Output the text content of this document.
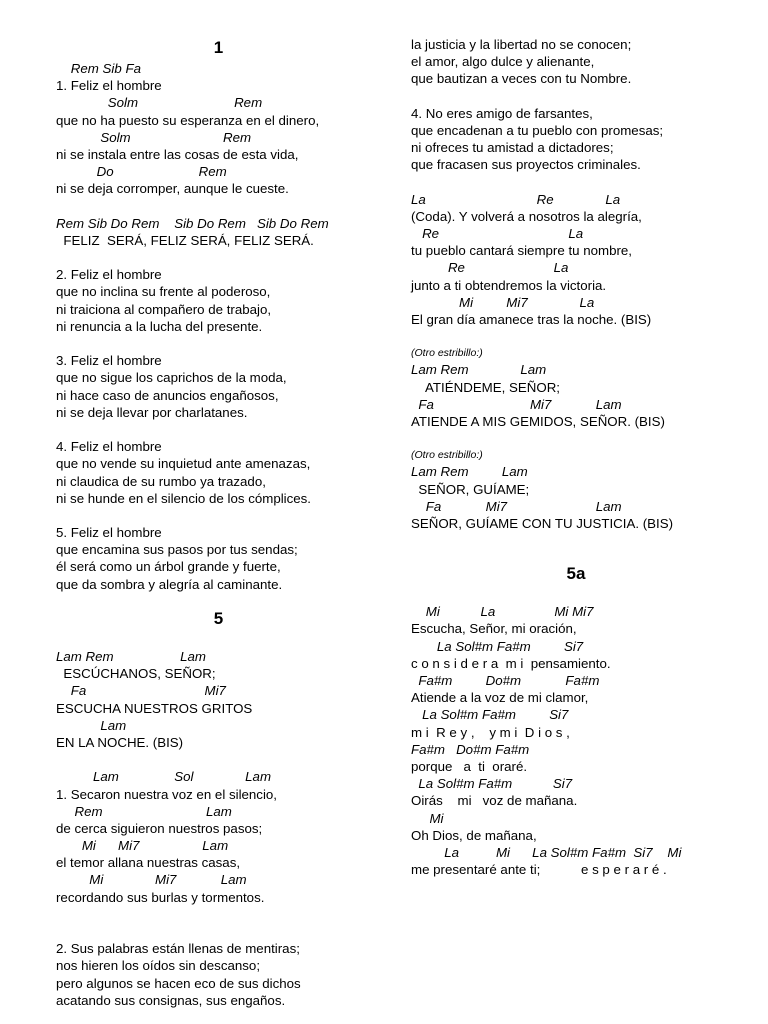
1
Rem Sib Fa
1. Feliz el hombre
Solm                          Rem
que no ha puesto su esperanza en el dinero,
Solm                         Rem
ni se instala entre las cosas de esta vida,
Do                       Rem
ni se deja corromper, aunque le cueste.
Rem Sib Do Rem    Sib Do Rem   Sib Do Rem
FELIZ  SERÁ, FELIZ SERÁ, FELIZ SERÁ.
2. Feliz el hombre
que no inclina su frente al poderoso,
ni traiciona al compañero de trabajo,
ni renuncia a la lucha del presente.
3. Feliz el hombre
que no sigue los caprichos de la moda,
ni hace caso de anuncios engañosos,
ni se deja llevar por charlatanes.
4. Feliz el hombre
que no vende su inquietud ante amenazas,
ni claudica de su rumbo ya trazado,
ni se hunde en el silencio de los cómplices.
5. Feliz el hombre
que encamina sus pasos por tus sendas;
él será como un árbol grande y fuerte,
que da sombra y alegría al caminante.
5
Lam Rem                  Lam
ESCÚCHANOS, SEÑOR;
Fa                                Mi7
ESCUCHA NUESTROS GRITOS
Lam
EN LA NOCHE. (BIS)
Lam               Sol              Lam
1. Secaron nuestra voz en el silencio,
Rem                            Lam
de cerca siguieron nuestros pasos;
Mi      Mi7                 Lam
el temor allana nuestras casas,
Mi              Mi7            Lam
recordando sus burlas y tormentos.
2. Sus palabras están llenas de mentiras;
nos hieren los oídos sin descanso;
pero algunos se hacen eco de sus dichos
acatando sus consignas, sus engaños.
la justicia y la libertad no se conocen;
el amor, algo dulce y alienante,
que bautizan a veces con tu Nombre.
4. No eres amigo de farsantes,
que encadenan a tu pueblo con promesas;
ni ofreces tu amistad a dictadores;
que fracasen sus proyectos criminales.
La                              Re              La
(Coda). Y volverá a nosotros la alegría,
Re                                   La
tu pueblo cantará siempre tu nombre,
Re                        La
junto a ti obtendremos la victoria.
Mi         Mi7              La
El gran día amanece tras la noche. (BIS)
(Otro estribillo:)
Lam Rem              Lam
ATIÉNDEME, SEÑOR;
Fa                          Mi7            Lam
ATIENDE A MIS GEMIDOS, SEÑOR. (BIS)
(Otro estribillo:)
Lam Rem         Lam
SEÑOR, GUÍAME;
Fa            Mi7                        Lam
SEÑOR, GUÍAME CON TU JUSTICIA. (BIS)
5a
Mi           La                Mi Mi7
Escucha, Señor, mi oración,
La Sol#m Fa#m         Si7
c o n s i d e r a  m i  pensamiento.
Fa#m         Do#m            Fa#m
Atiende a la voz de mi clamor,
La Sol#m Fa#m         Si7
m i  R e y ,    y m i  D i o s ,
Fa#m   Do#m Fa#m
porque   a  ti  oraré.
La Sol#m Fa#m           Si7
Oirás    mi   voz de mañana.
Mi
Oh Dios, de mañana,
La          Mi      La Sol#m Fa#m  Si7    Mi
me presentaré ante ti;           e s p e r a r é .
